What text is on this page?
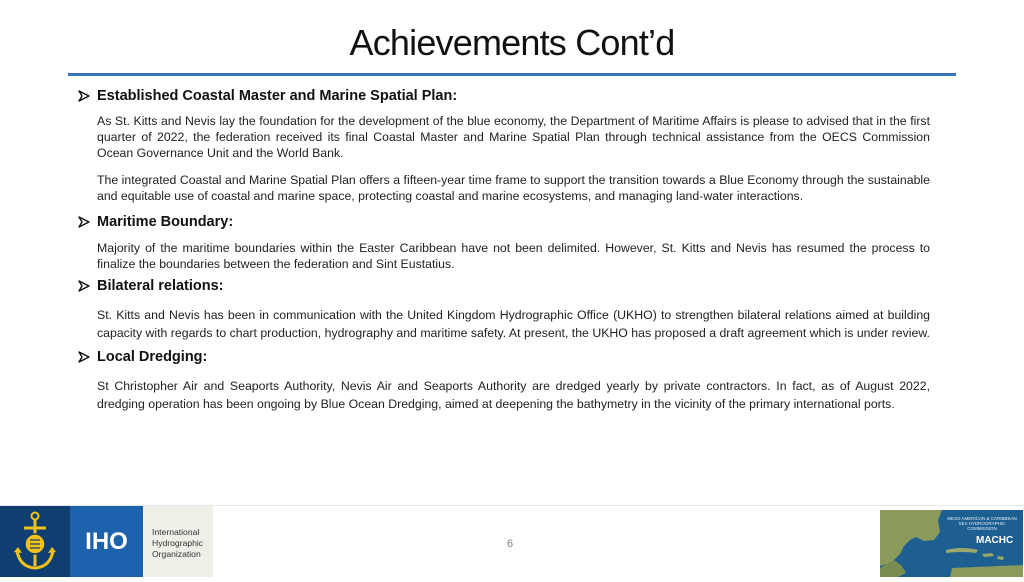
Achievements Cont’d
Established Coastal Master and Marine Spatial Plan:

As St. Kitts and Nevis lay the foundation for the development of the blue economy, the Department of Maritime Affairs is please to advised that in the first quarter of 2022, the federation received its final Coastal Master and Marine Spatial Plan through technical assistance from the OECS Commission Ocean Governance Unit and the World Bank.

The integrated Coastal and Marine Spatial Plan offers a fifteen-year time frame to support the transition towards a Blue Economy through the sustainable and equitable use of coastal and marine space, protecting coastal and marine ecosystems, and managing land-water interactions.

Maritime Boundary:

Majority of the maritime boundaries within the Easter Caribbean have not been delimited. However, St. Kitts and Nevis has resumed the process to finalize the boundaries between the federation and Sint Eustatius.

Bilateral relations:

St. Kitts and Nevis has been in communication with the United Kingdom Hydrographic Office (UKHO) to strengthen bilateral relations aimed at building capacity with regards to chart production, hydrography and maritime safety. At present, the UKHO has proposed a draft agreement which is under review.

Local Dredging:

St Christopher Air and Seaports Authority, Nevis Air and Seaports Authority are dredged yearly by private contractors. In fact, as of August 2022, dredging operation has been ongoing by Blue Ocean Dredging, aimed at deepening the bathymetry in the vicinity of the primary international ports.

IHO	International
Hydrographic
Organization
6
MESO AMERICAN & CARIBBEAN SEA HYDROGRAPHIC COMMISSION
MACHC
